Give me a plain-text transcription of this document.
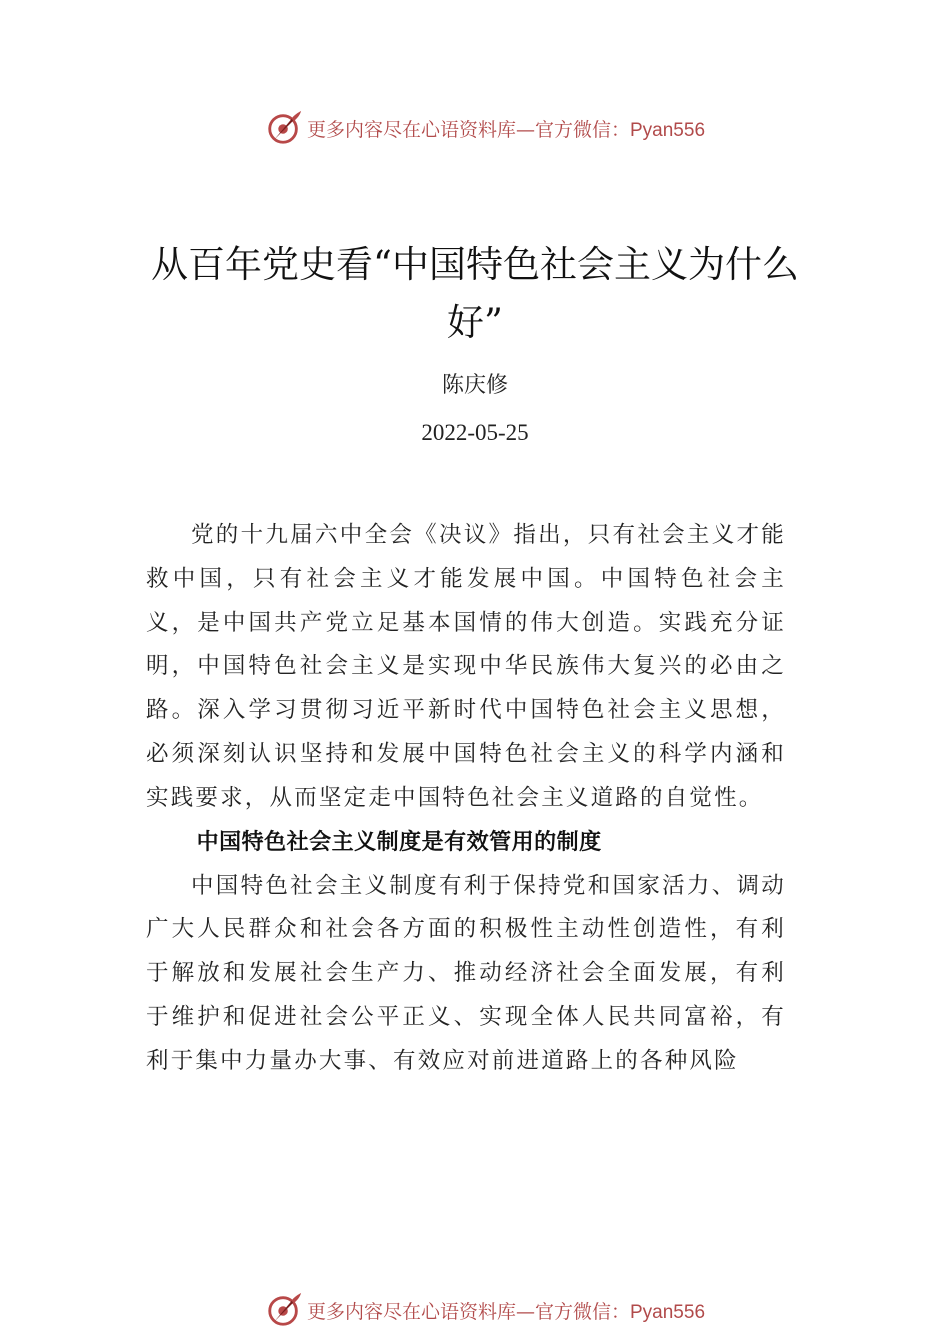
更多内容尽在心语资料库—官方微信：Pyan556
从百年党史看“中国特色社会主义为什么好”
陈庆修
2022-05-25

党的十九届六中全会《决议》指出，只有社会主义才能救中国，只有社会主义才能发展中国。中国特色社会主义，是中国共产党立足基本国情的伟大创造。实践充分证明，中国特色社会主义是实现中华民族伟大复兴的必由之路。深入学习贯彻习近平新时代中国特色社会主义思想，必须深刻认识坚持和发展中国特色社会主义的科学内涵和实践要求，从而坚定走中国特色社会主义道路的自觉性。

中国特色社会主义制度是有效管用的制度

中国特色社会主义制度有利于保持党和国家活力、调动广大人民群众和社会各方面的积极性主动性创造性，有利于解放和发展社会生产力、推动经济社会全面发展，有利于维护和促进社会公平正义、实现全体人民共同富裕，有利于集中力量办大事、有效应对前进道路上的各种风险

更多内容尽在心语资料库—官方微信：Pyan556
